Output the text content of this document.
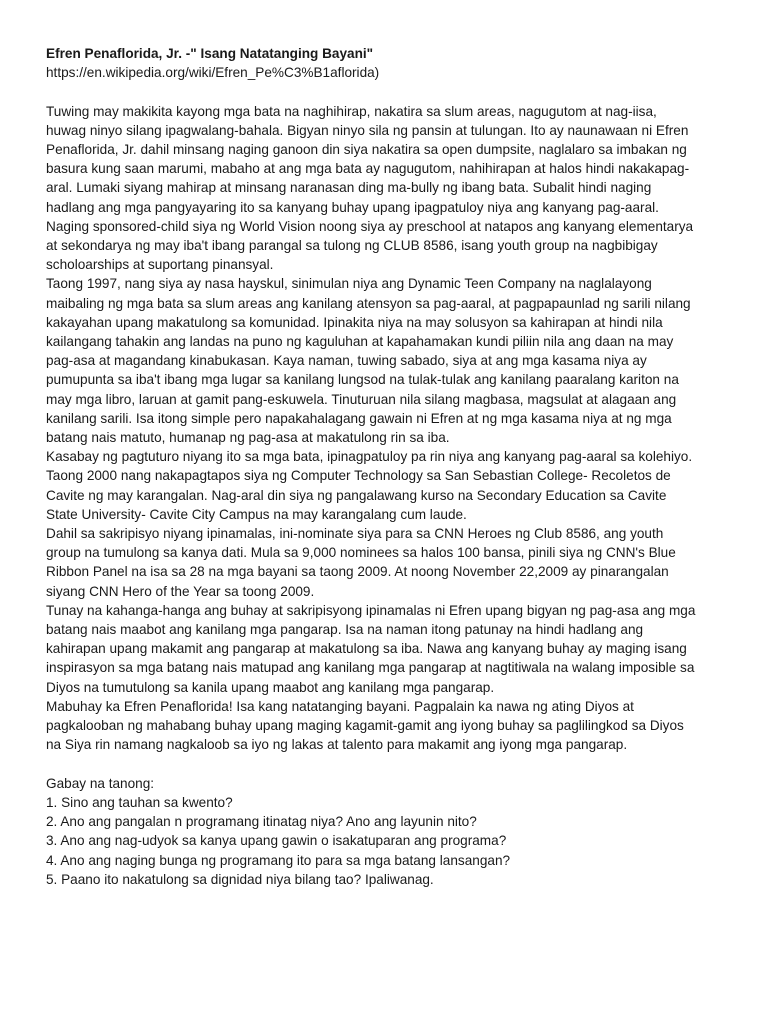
Efren Penaflorida, Jr. -" Isang Natatanging Bayani"

https://en.wikipedia.org/wiki/Efren_Pe%C3%B1aflorida)

Tuwing may makikita kayong mga bata na naghihirap, nakatira sa slum areas, nagugutom at nag-iisa,
huwag ninyo silang ipagwalang-bahala. Bigyan ninyo sila ng pansin at tulungan. Ito ay naunawaan ni Efren
Penaflorida, Jr. dahil minsang naging ganoon din siya nakatira sa open dumpsite, naglalaro sa imbakan ng
basura kung saan marumi, mabaho at ang mga bata ay nagugutom, nahihirapan at halos hindi nakakapag-
aral. Lumaki siyang mahirap at minsang naranasan ding ma-bully ng ibang bata. Subalit hindi naging
hadlang ang mga pangyayaring ito sa kanyang buhay upang ipagpatuloy niya ang kanyang pag-aaral.
Naging sponsored-child siya ng World Vision noong siya ay preschool at natapos ang kanyang elementarya
at sekondarya ng may iba't ibang parangal sa tulong ng CLUB 8586, isang youth group na nagbibigay
scholoarships at suportang pinansyal.

Taong 1997, nang siya ay nasa hayskul, sinimulan niya ang Dynamic Teen Company na naglalayong
maibaling ng mga bata sa slum areas ang kanilang atensyon sa pag-aaral, at pagpapaunlad ng sarili nilang
kakayahan upang makatulong sa komunidad. Ipinakita niya na may solusyon sa kahirapan at hindi nila
kailangang tahakin ang landas na puno ng kaguluhan at kapahamakan kundi piliin nila ang daan na may
pag-asa at magandang kinabukasan. Kaya naman, tuwing sabado, siya at ang mga kasama niya ay
pumupunta sa iba't ibang mga lugar sa kanilang lungsod na tulak-tulak ang kanilang paaralang kariton na
may mga libro, laruan at gamit pang-eskuwela. Tinuturuan nila silang magbasa, magsulat at alagaan ang
kanilang sarili. Isa itong simple pero napakahalagang gawain ni Efren at ng mga kasama niya at ng mga
batang nais matuto, humanap ng pag-asa at makatulong rin sa iba.

Kasabay ng pagtuturo niyang ito sa mga bata, ipinagpatuloy pa rin niya ang kanyang pag-aaral sa kolehiyo.
Taong 2000 nang nakapagtapos siya ng Computer Technology sa San Sebastian College- Recoletos de
Cavite ng may karangalan. Nag-aral din siya ng pangalawang kurso na Secondary Education sa Cavite
State University- Cavite City Campus na may karangalang cum laude.

Dahil sa sakripisyo niyang ipinamalas, ini-nominate siya para sa CNN Heroes ng Club 8586, ang youth
group na tumulong sa kanya dati. Mula sa 9,000 nominees sa halos 100 bansa, pinili siya ng CNN's Blue
Ribbon Panel na isa sa 28 na mga bayani sa taong 2009. At noong November 22,2009 ay pinarangalan
siyang CNN Hero of the Year sa toong 2009.

Tunay na kahanga-hanga ang buhay at sakripisyong ipinamalas ni Efren upang bigyan ng pag-asa ang mga
batang nais maabot ang kanilang mga pangarap. Isa na naman itong patunay na hindi hadlang ang
kahirapan upang makamit ang pangarap at makatulong sa iba. Nawa ang kanyang buhay ay maging isang
inspirasyon sa mga batang nais matupad ang kanilang mga pangarap at nagtitiwala na walang imposible sa
Diyos na tumutulong sa kanila upang maabot ang kanilang mga pangarap.

Mabuhay ka Efren Penaflorida! Isa kang natatanging bayani. Pagpalain ka nawa ng ating Diyos at
pagkalooban ng mahabang buhay upang maging kagamit-gamit ang iyong buhay sa paglilingkod sa Diyos
na Siya rin namang nagkaloob sa iyo ng lakas at talento para makamit ang iyong mga pangarap.

Gabay na tanong:

1. Sino ang tauhan sa kwento?

2. Ano ang pangalan n programang itinatag niya? Ano ang layunin nito?

3. Ano ang nag-udyok sa kanya upang gawin o isakatuparan ang programa?

4. Ano ang naging bunga ng programang ito para sa mga batang lansangan?

5. Paano ito nakatulong sa dignidad niya bilang tao? Ipaliwanag.
